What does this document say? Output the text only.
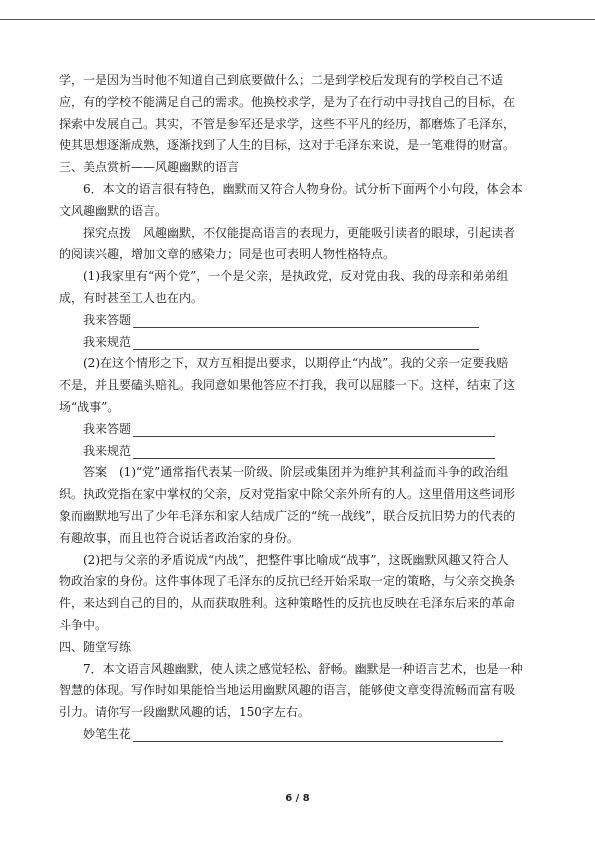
学，一是因为当时他不知道自己到底要做什么；二是到学校后发现有的学校自己不适
应，有的学校不能满足自己的需求。他换校求学，是为了在行动中寻找自己的目标，在
探索中发展自己。其实，不管是参军还是求学，这些不平凡的经历，都磨炼了毛泽东，
使其思想逐渐成熟，逐渐找到了人生的目标，这对于毛泽东来说，是一笔难得的财富。
三、美点赏析——风趣幽默的语言
6．本文的语言很有特色，幽默而又符合人物身份。试分析下面两个小句段，体会本
文风趣幽默的语言。
探究点拨　风趣幽默，不仅能提高语言的表现力，更能吸引读者的眼球，引起读者
的阅读兴趣，增加文章的感染力；同是也可表明人物性格特点。
(1)我家里有“两个党”，一个是父亲，是执政党，反对党由我、我的母亲和弟弟组
成，有时甚至工人也在内。
我来答题
我来规范
(2)在这个情形之下，双方互相提出要求，以期停止“内战”。我的父亲一定要我赔
不是，并且要磕头赔礼。我同意如果他答应不打我，我可以屈膝一下。这样，结束了这
场“战事”。
我来答题
我来规范
答案　(1)“党”通常指代表某一阶级、阶层或集团并为维护其利益而斗争的政治组
织。执政党指在家中掌权的父亲，反对党指家中除父亲外所有的人。这里借用这些词形
象而幽默地写出了少年毛泽东和家人结成广泛的“统一战线”，联合反抗旧势力的代表的
有趣故事，而且也符合说话者政治家的身份。
(2)把与父亲的矛盾说成“内战”，把整件事比喻成“战事”，这既幽默风趣又符合人
物政治家的身份。这件事体现了毛泽东的反抗已经开始采取一定的策略，与父亲交换条
件，来达到自己的目的，从而获取胜利。这种策略性的反抗也反映在毛泽东后来的革命
斗争中。
四、随堂写练
7．本文语言风趣幽默，使人读之感觉轻松、舒畅。幽默是一种语言艺术，也是一种
智慧的体现。写作时如果能恰当地运用幽默风趣的语言，能够使文章变得流畅而富有吸
引力。请你写一段幽默风趣的话，150字左右。
妙笔生花
6 / 8
